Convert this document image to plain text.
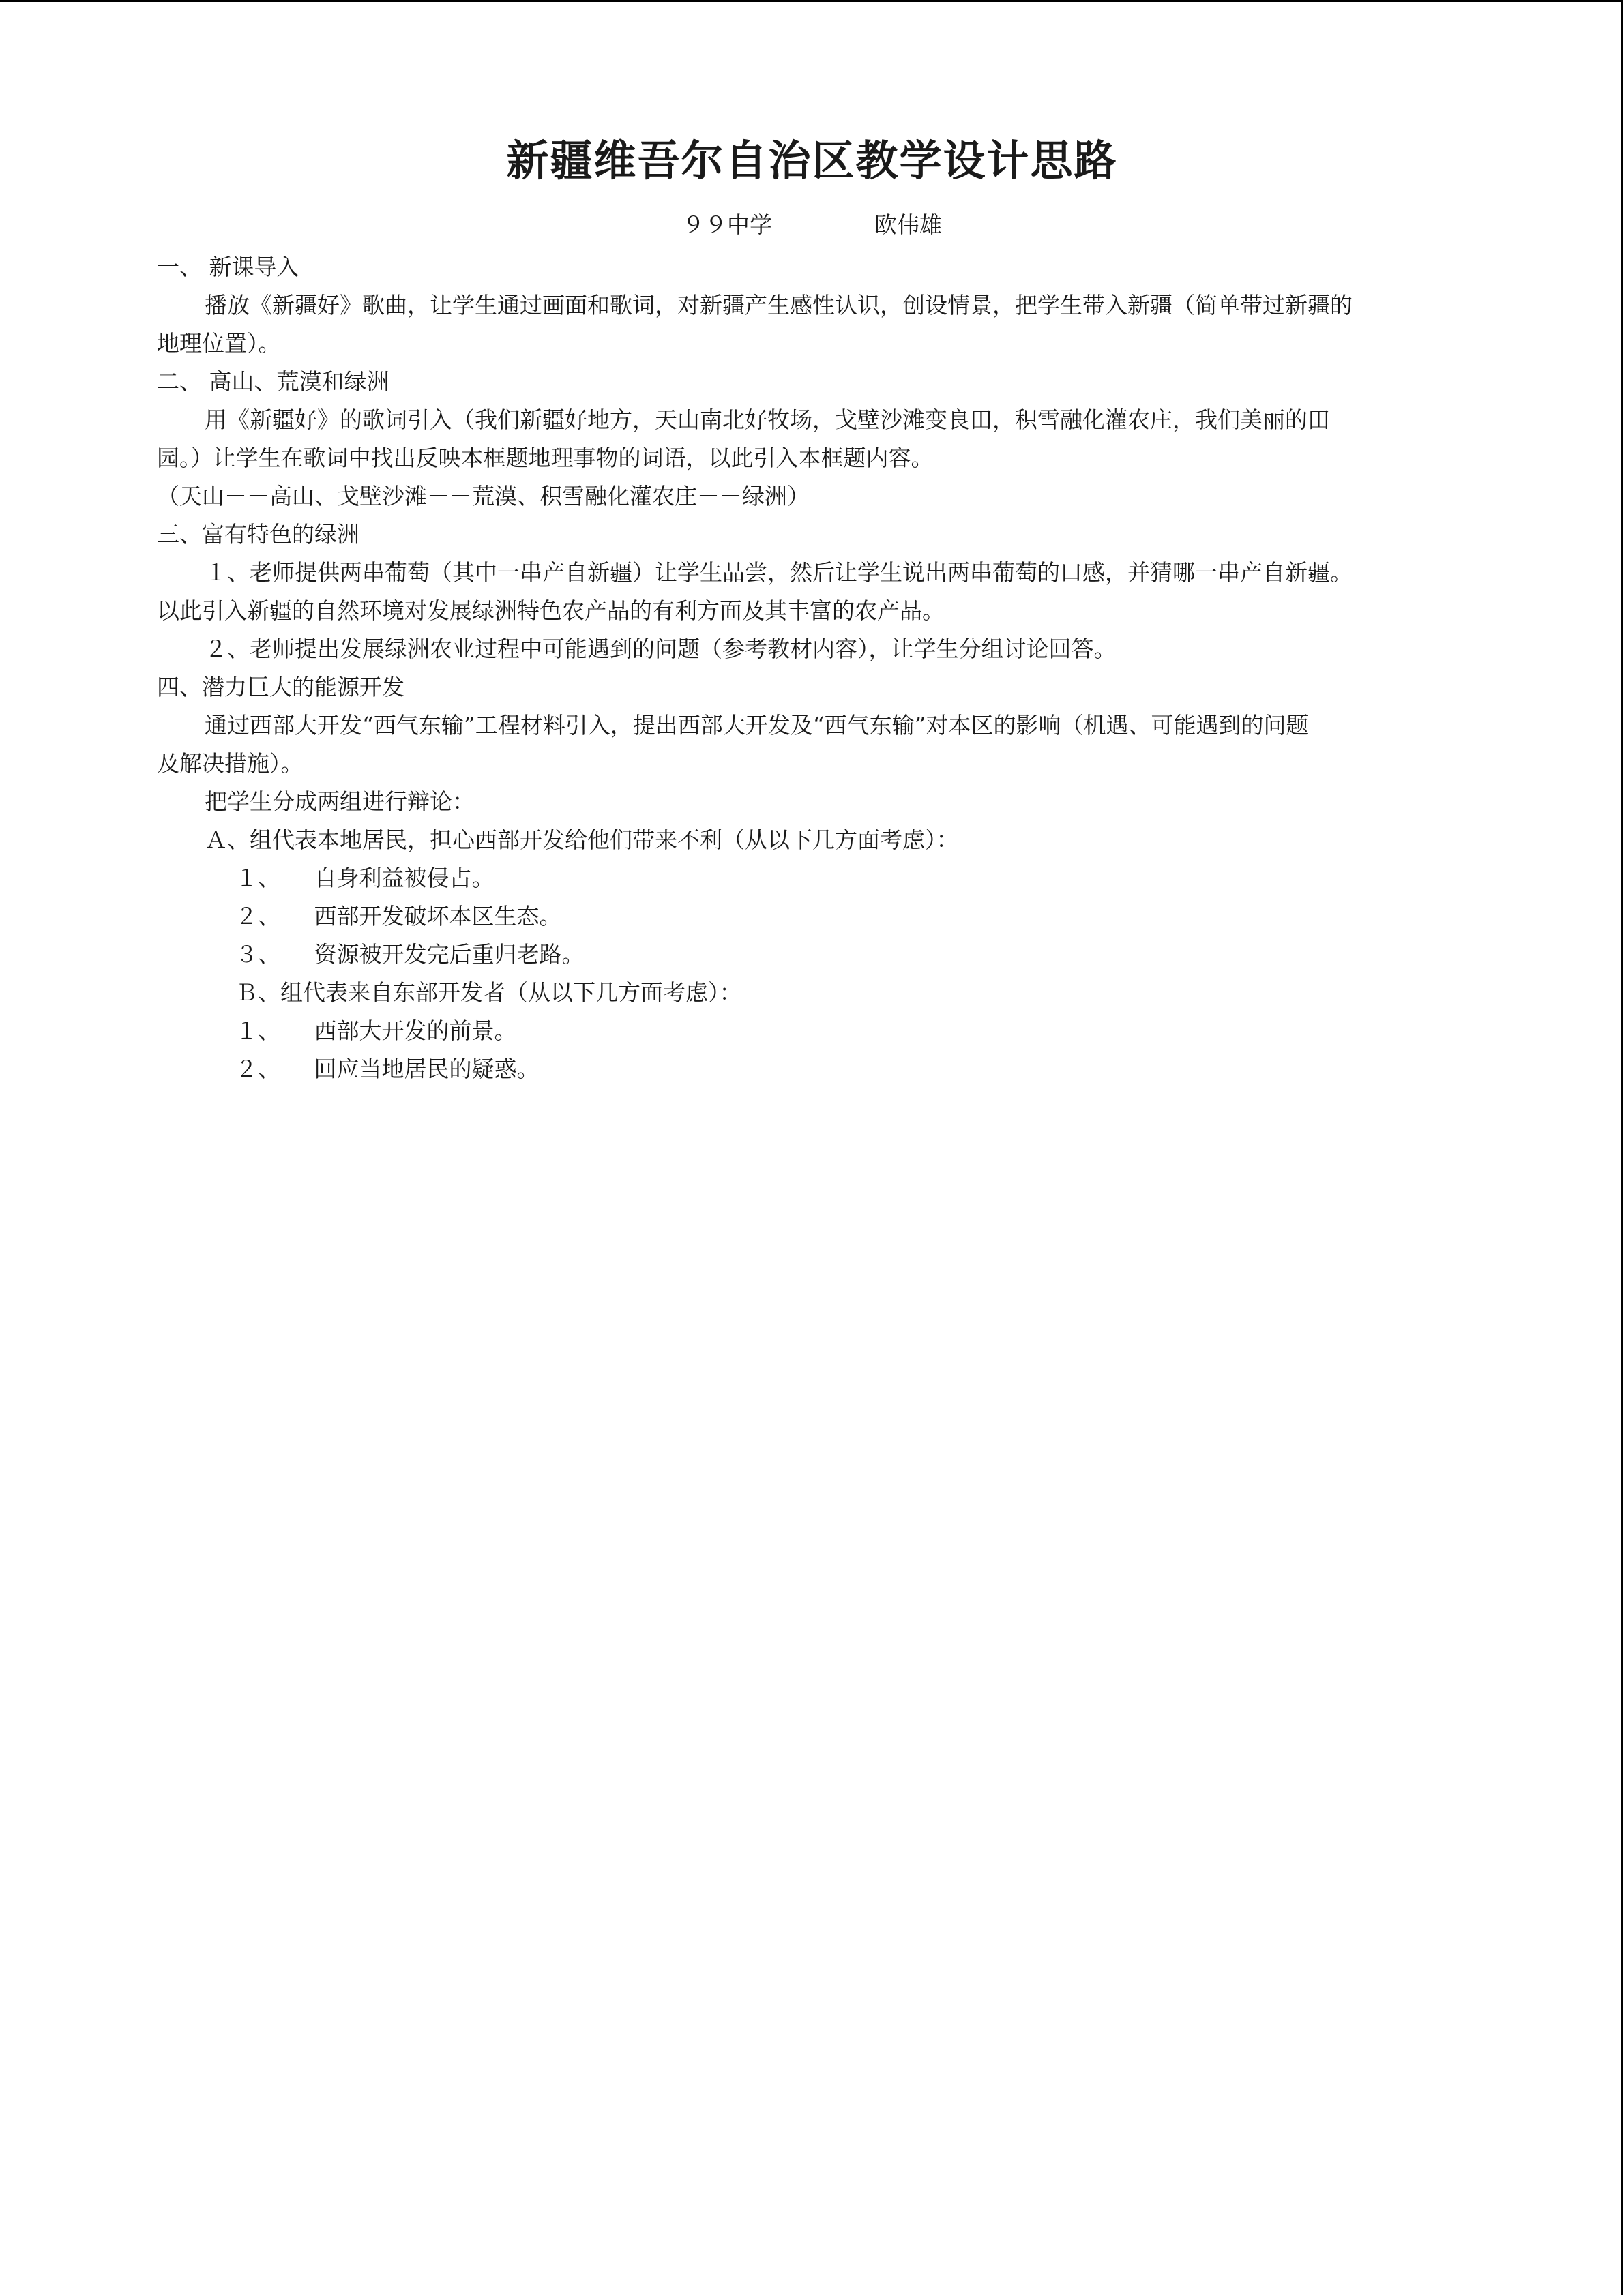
新疆维吾尔自治区教学设计思路
９９中学	欧伟雄
一、 新课导入
播放《新疆好》歌曲，让学生通过画面和歌词，对新疆产生感性认识，创设情景，把学生带入新疆（简单带过新疆的
地理位置）。
二、 高山、荒漠和绿洲
用《新疆好》的歌词引入（我们新疆好地方，天山南北好牧场，戈壁沙滩变良田，积雪融化灌农庄，我们美丽的田
园。）让学生在歌词中找出反映本框题地理事物的词语，以此引入本框题内容。
（天山－－高山、戈壁沙滩－－荒漠、积雪融化灌农庄－－绿洲）
三、富有特色的绿洲
１、老师提供两串葡萄（其中一串产自新疆）让学生品尝，然后让学生说出两串葡萄的口感，并猜哪一串产自新疆。
以此引入新疆的自然环境对发展绿洲特色农产品的有利方面及其丰富的农产品。
２、老师提出发展绿洲农业过程中可能遇到的问题（参考教材内容），让学生分组讨论回答。
四、潜力巨大的能源开发
通过西部大开发“西气东输”工程材料引入，提出西部大开发及“西气东输”对本区的影响（机遇、可能遇到的问题
及解决措施）。
把学生分成两组进行辩论：
Ａ、组代表本地居民，担心西部开发给他们带来不利（从以下几方面考虑）：
１、　　自身利益被侵占。
２、　　西部开发破坏本区生态。
３、　　资源被开发完后重归老路。
Ｂ、组代表来自东部开发者（从以下几方面考虑）：
１、　　西部大开发的前景。
２、　　回应当地居民的疑惑。
